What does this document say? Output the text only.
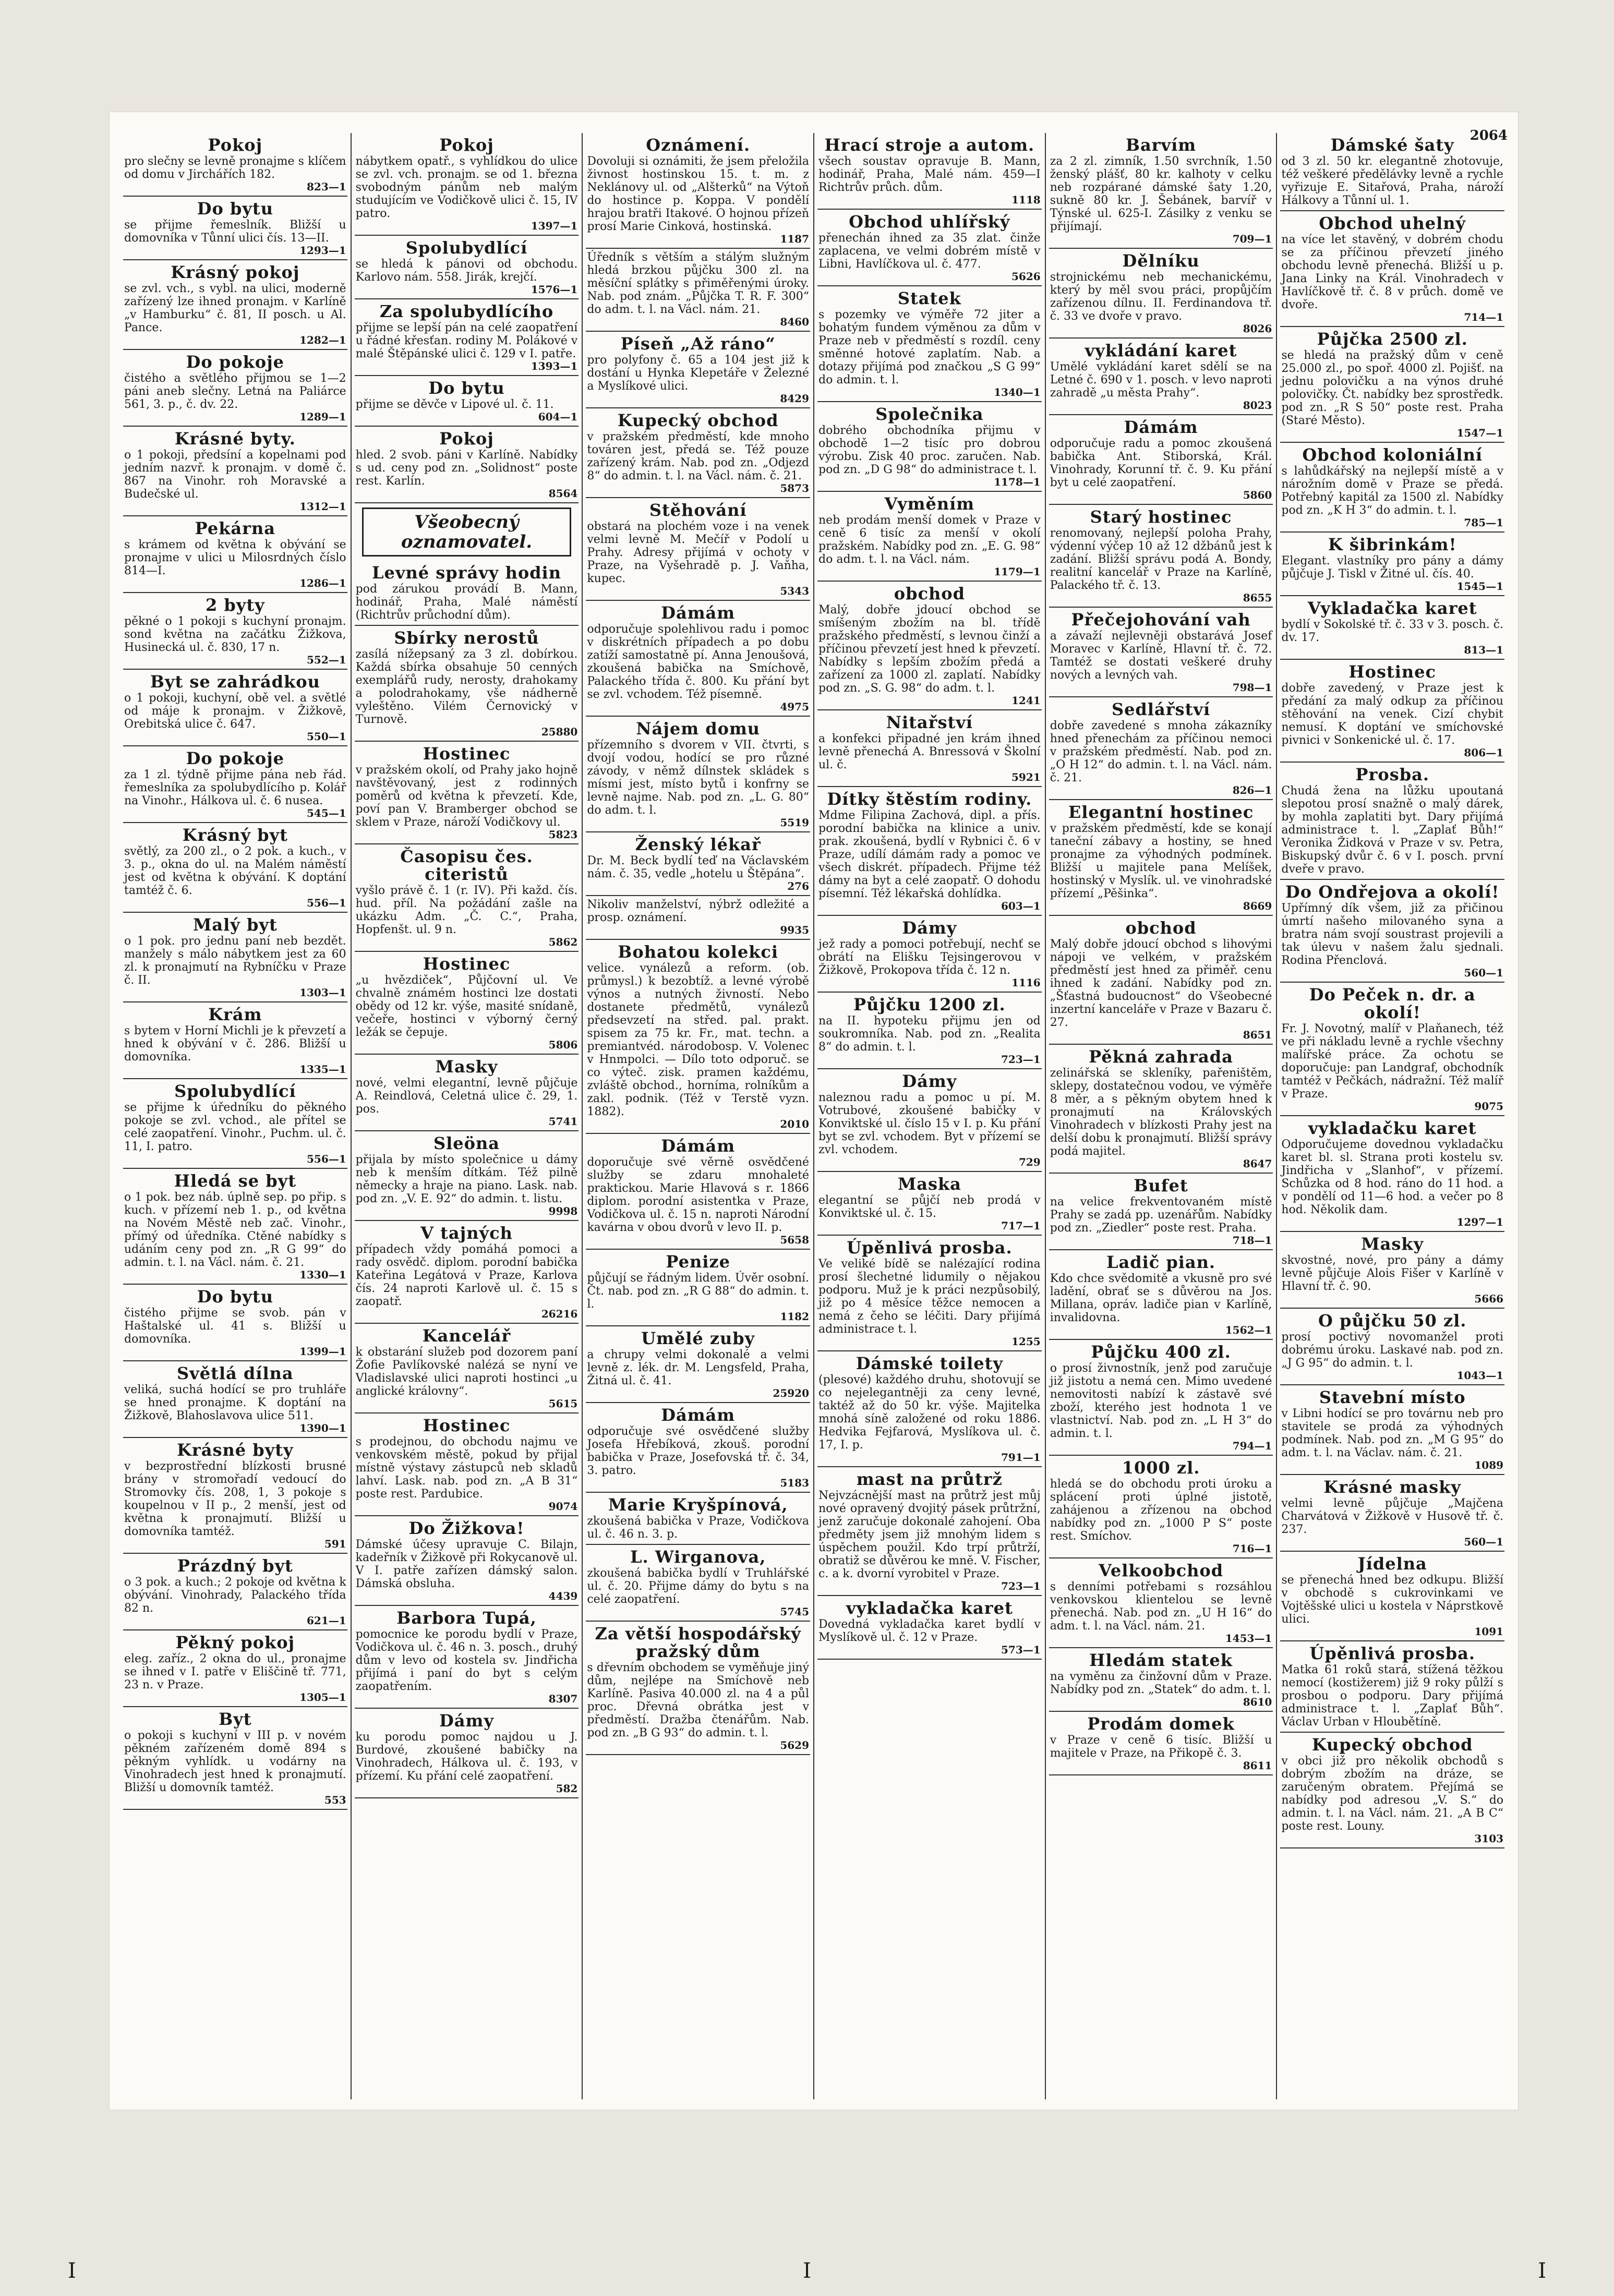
2064
Pokoj

pro slečny se levně pronajme s klíčem od domu v Jirchářích 182.

823—1
Do bytu

se přijme řemeslník. Bližší u domovníka v Tůnní ulici čís. 13—II.

1293—1
Krásný pokoj

se zvl. vch., s vybl. na ulici, moderně zařízený lze ihned pronajm. v Karlíně „v Hamburku“ č. 81, II posch. u Al. Pance.

1282—1
Do pokoje

čistého a světlého přijmou se 1—2 páni aneb slečny. Letná na Paliárce 561, 3. p., č. dv. 22.

1289—1
Krásné byty.

o 1 pokoji, předsíní a kopelnami pod jedním nazvř. k pronajm. v domě č. 867 na Vinohr. roh Moravské a Budečské ul.

1312—1
Pekárna

s krámem od května k obývání se pronajme v ulici u Milosrdných číslo 814—I.

1286—1
2 byty

pěkné o 1 pokoji s kuchyní pronajm. sond května na začátku Žižkova, Husinecká ul. č. 830, 17 n.

552—1
Byt se zahrádkou

o 1 pokoji, kuchyní, obě vel. a světlé od máje k pronajm. v Žižkově, Orebitská ulice č. 647.

550—1
Do pokoje

za 1 zl. týdně přijme pána neb řád. řemeslníka za spolubydlícího p. Kolář na Vinohr., Hálkova ul. č. 6 nusea.

545—1
Krásný byt

světlý, za 200 zl., o 2 pok. a kuch., v 3. p., okna do ul. na Malém náměstí jest od května k obývání. K doptání tamtéž č. 6.

556—1
Malý byt

o 1 pok. pro jednu paní neb bezdět. manžely s málo nábytkem jest za 60 zl. k pronajmutí na Rybníčku v Praze č. II.

1303—1
Krám

s bytem v Horní Michli je k převzetí a hned k obývání v č. 286. Bližší u domovníka.

1335—1
Spolubydlící

se přijme k úředníku do pěkného pokoje se zvl. vchod., ale přítel se celé zaopatření. Vinohr., Puchm. ul. č. 11, I. patro.

556—1
Hledá se byt

o 1 pok. bez náb. úplně sep. po přip. s kuch. v přízemí neb 1. p., od května na Novém Městě neb zač. Vinohr., přímý od úředníka. Ctěné nabídky s udáním ceny pod zn. „R G 99“ do admin. t. l. na Václ. nám. č. 21.

1330—1
Do bytu

čistého přijme se svob. pán v Haštalské ul. 41 s. Bližší u domovníka.

1399—1
Světlá dílna

veliká, suchá hodící se pro truhláře se hned pronajme. K doptání na Žižkově, Blahoslavova ulice 511.

1390—1
Krásné byty

v bezprostřední blízkosti brusné brány v stromořadí vedoucí do Stromovky čís. 208, 1, 3 pokoje s koupelnou v II p., 2 menší, jest od května k pronajmutí. Bližší u domovníka tamtéž.

591
Prázdný byt

o 3 pok. a kuch.; 2 pokoje od května k obývání. Vinohrady, Palackého třída 82 n.

621—1
Pěkný pokoj

eleg. zaříz., 2 okna do ul., pronajme se ihned v I. patře v Eliščině tř. 771, 23 n. v Praze.

1305—1
Byt

o pokoji s kuchyní v III p. v novém pěkném zařízeném domě 894 s pěkným vyhlídk. u vodárny na Vinohradech jest hned k pronajmutí. Bližší u domovník tamtéž.

553
Pokoj

nábytkem opatř., s vyhlídkou do ulice se zvl. vch. pronajm. se od 1. března svobodným pánům neb malým studujícím ve Vodičkově ulici č. 15, IV patro.

1397—1
Spolubydlící

se hledá k pánovi od obchodu. Karlovo nám. 558. Jirák, krejčí.

1576—1
Za spolubydlícího

přijme se lepší pán na celé zaopatření u řádné křesťan. rodiny M. Polákové v malé Štěpánské ulici č. 129 v I. patře.

1393—1
Do bytu

přijme se děvče v Lipové ul. č. 11.

604—1
Pokoj

hled. 2 svob. páni v Karlíně. Nabídky s ud. ceny pod zn. „Solidnost“ poste rest. Karlín.

8564
Všeobecný oznamovatel.
Levné správy hodin

pod zárukou provádí B. Mann, hodinář, Praha, Malé náměstí (Richtrův průchodní dům).

Sbírky nerostů

zasílá nížepsaný za 3 zl. dobírkou. Každá sbírka obsahuje 50 cenných exemplářů rudy, nerosty, drahokamy a polodrahokamy, vše nádherně vyleštěno. Vilém Černovický v Turnově.

25880
Hostinec

v pražském okolí, od Prahy jako hojně navštěvovaný, jest z rodinných poměrů od května k převzetí. Kde, poví pan V. Bramberger obchod se sklem v Praze, nároží Vodičkovy ul.

5823
Časopisu čes. citeristů

vyšlo právě č. 1 (r. IV). Při každ. čís. hud. příl. Na požádání zašle na ukázku Adm. „Č. C.“, Praha, Hopfenšt. ul. 9 n.

5862
Hostinec

„u hvězdiček“, Půjčovní ul. Ve chvalně známém hostinci lze dostati obědy od 12 kr. výše, masité snídaně, večeře, hostinci v výborný černý ležák se čepuje.

5806
Masky

nové, velmi elegantní, levně půjčuje A. Reindlová, Celetná ulice č. 29, 1. pos.

5741
Sleöna

přijala by místo společnice u dámy neb k menším dítkám. Též pilně německy a hraje na piano. Lask. nab. pod zn. „V. E. 92“ do admin. t. listu.

9998
V tajných

případech vždy pomáhá pomoci a rady osvědč. diplom. porodní babička Kateřina Legátová v Praze, Karlova čís. 24 naproti Karlově ul. č. 15 s zaopatř.

26216
Kancelář

k obstarání služeb pod dozorem paní Žofie Pavlíkovské nalézá se nyní ve Vladislavské ulici naproti hostinci „u anglické královny“.

5615
Hostinec

s prodejnou, do obchodu najmu ve venkovském městě, pokud by přijal místně výstavy zástupců neb skladů lahví. Lask. nab. pod zn. „A B 31“ poste rest. Pardubice.

9074
Do Žižkova!

Dámské účesy upravuje C. Bilajn, kadeřník v Žižkově při Rokycanově ul. V I. patře zařízen dámský salon. Dámská obsluha.

4439
Barbora Tupá,

pomocnice ke porodu bydlí v Praze, Vodičkova ul. č. 46 n. 3. posch., druhý dům v levo od kostela sv. Jindřicha přijímá i paní do byt s celým zaopatřením.

8307
Dámy

ku porodu pomoc najdou u J. Burdové, zkoušené babičky na Vinohradech, Hálkova ul. č. 193, v přízemí. Ku přání celé zaopatření.

582
Oznámení.

Dovoluji si oznámiti, že jsem přeložila živnost hostinskou 15. t. m. z Neklánovy ul. od „Alšterků“ na Výtoň do hostince p. Koppa. V pondělí hrajou bratři Itakové. O hojnou přízeň prosí Marie Cinková, hostinská.

1187

Úředník s větším a stálým služným hledá brzkou půjčku 300 zl. na měsíční splátky s přiměřenými úroky. Nab. pod znám. „Půjčka T. R. F. 300“ do adm. t. l. na Václ. nám. 21.

8460
Píseň „Až ráno“

pro polyfony č. 65 a 104 jest již k dostání u Hynka Klepetáře v Železné a Myslíkové ulici.

8429
Kupecký obchod

v pražském předměstí, kde mnoho továren jest, předá se. Též pouze zařízený krám. Nab. pod zn. „Odjezd 8“ do admin. t. l. na Václ. nám. č. 21.

5873
Stěhování

obstará na plochém voze i na venek velmi levně M. Mečíř v Podolí u Prahy. Adresy přijímá v ochoty v Praze, na Vyšehradě p. J. Vaňha, kupec.

5343
Dámám

odporučuje spolehlivou radu i pomoc v diskrétních případech a po dobu zatíží samostatně pí. Anna Jenoušová, zkoušená babička na Smíchově, Palackého třída č. 800. Ku přání byt se zvl. vchodem. Též písemně.

4975
Nájem domu

přízemního s dvorem v VII. čtvrti, s dvojí vodou, hodící se pro různé závody, v němž dílnstek skládek s mísmi jest, místo bytů i konfrny se levně najme. Nab. pod zn. „L. G. 80“ do adm. t. l.

5519
Ženský lékař

Dr. M. Beck bydlí teď na Václavském nám. č. 35, vedle „hotelu u Štěpána“.

276

Nikoliv manželství, nýbrž odležité a prosp. oznámení.

9935
Bohatou kolekci

velice. vynálezů a reform. (ob. průmysl.) k bezobtíž. a levné výrobě výnos a nutných živností. Nebo dostanete předmětů, vynálezů předsevzetí na střed. pal. prakt. spisem za 75 kr. Fr., mat. techn. a premiantvéd. národobosp. V. Volenec v Hnmpolci. — Dílo toto odporuč. se co výteč. zisk. pramen každému, zvláště obchod., horníma, rolníkům a zakl. podnik. (Též v Terstě vyzn. 1882).

2010
Dámám

doporučuje své věrně osvědčené služby se zdaru mnohaleté praktickou. Marie Hlavová s r. 1866 diplom. porodní asistentka v Praze, Vodičkova ul. č. 15 n. naproti Národní kavárna v obou dvorů v levo II. p.

5658
Penize

půjčují se řádným lidem. Úvěr osobní. Čt. nab. pod zn. „R G 88“ do admin. t. l.

1182
Umělé zuby

a chrupy velmi dokonalé a velmi levně z. lék. dr. M. Lengsfeld, Praha, Žitná ul. č. 41.

25920
Dámám

odporučuje své osvědčené služby Josefa Hřebíková, zkouš. porodní babička v Praze, Josefovská tř. č. 34, 3. patro.

5183
Marie Kryšpínová,

zkoušená babička v Praze, Vodičkova ul. č. 46 n. 3. p.

L. Wirganova,

zkoušená babička bydlí v Truhlářské ul. č. 20. Přijme dámy do bytu s na celé zaopatření.

5745
Za větší hospodářský pražský dům

s dřevním obchodem se vyměňuje jiný dům, nejlépe na Smíchově neb Karlíně. Pasiva 40.000 zl. na 4 a půl proc. Dřevná obrátka jest v předměstí. Dražba čtenářům. Nab. pod zn. „B G 93“ do admin. t. l.

5629
Hrací stroje a autom.

všech soustav opravuje B. Mann, hodinář, Praha, Malé nám. 459—I Richtrův průch. dům.

1118
Obchod uhlířský

přenechán ihned za 35 zlat. činže zaplacena, ve velmi dobrém místě v Libni, Havlíčkova ul. č. 477.

5626
Statek

s pozemky ve výměře 72 jiter a bohatým fundem výměnou za dům v Praze neb v předměstí s rozdíl. ceny směnné hotové zaplatím. Nab. a dotazy přijímá pod značkou „S G 99“ do admin. t. l.

1340—1
Společnika

dobrého obchodníka přijmu v obchodě 1—2 tisíc pro dobrou výrobu. Zisk 40 proc. zaručen. Nab. pod zn. „D G 98“ do administrace t. l.

1178—1
Vyměním

neb prodám menší domek v Praze v ceně 6 tisíc za menší v okolí pražském. Nabídky pod zn. „E. G. 98“ do adm. t. l. na Václ. nám.

1179—1
obchod

Malý, dobře jdoucí obchod se smíšeným zbožím na bl. třídě pražského předměstí, s levnou činží a příčinou převzetí jest hned k převzetí. Nabídky s lepším zbožím předá a zařízení za 1000 zl. zaplatí. Nabídky pod zn. „S. G. 98“ do adm. t. l.

1241
Nitařství

a konfekci připadné jen krám ihned levně přenechá A. Bnressová v Školní ul. č.

5921
Dítky štěstím rodiny.

Mdme Filipina Zachová, dipl. a přís. porodní babička na klinice a univ. prak. zkoušená, bydlí v Rybnici č. 6 v Praze, udílí dámám rady a pomoc ve všech diskrét. případech. Přijme též dámy na byt a celé zaopatř. O dohodu písemní. Též lékařská dohlídka.

603—1
Dámy

jež rady a pomoci potřebují, nechť se obrátí na Elišku Tejsingerovou v Žižkově, Prokopova třída č. 12 n.

1116
Půjčku 1200 zl.

na II. hypoteku přijmu jen od soukromníka. Nab. pod zn. „Realita 8“ do admin. t. l.

723—1
Dámy

naleznou radu a pomoc u pí. M. Votrubové, zkoušené babičky v Konviktské ul. číslo 15 v I. p. Ku přání byt se zvl. vchodem. Byt v přízemí se zvl. vchodem.

729
Maska

elegantní se půjčí neb prodá v Konviktské ul. č. 15.

717—1
Úpěnlivá prosba.

Ve veliké bídě se nalézající rodina prosí šlechetné lidumily o nějakou podporu. Muž je k práci nezpůsobilý, již po 4 měsíce těžce nemocen a nemá z čeho se léčiti. Dary přijímá administrace t. l.

1255
Dámské toilety

(plesové) každého druhu, shotovují se co nejelegantněji za ceny levné, taktéž až do 50 kr. výše. Majitelka mnohá síně založené od roku 1886. Hedvika Fejfarová, Myslíkova ul. č. 17, I. p.

791—1
mast na průtrž

Nejvzácnější mast na průtrž jest můj nové opravený dvojitý pásek průtržní, jenž zaručuje dokonalé zahojení. Oba předměty jsem již mnohým lidem s úspěchem použil. Kdo trpí průtrží, obratiž se důvěrou ke mně. V. Fischer, c. a k. dvorní vyrobitel v Praze.

723—1
vykladačka karet

Dovedná vykladačka karet bydlí v Myslíkově ul. č. 12 v Praze.

573—1
Barvím

za 2 zl. zimník, 1.50 svrchník, 1.50 ženský plášť, 80 kr. kalhoty v celku neb rozpárané dámské šaty 1.20, sukně 80 kr. J. Šebánek, barvíř v Týnské ul. 625-I. Zásilky z venku se přijímají.

709—1
Dělníku

strojnickému neb mechanickému, který by měl svou práci, propůjčím zařízenou dílnu. II. Ferdinandova tř. č. 33 ve dvoře v pravo.

8026
vykládání karet

Umělé vykládání karet sdělí se na Letné č. 690 v 1. posch. v levo naproti zahradě „u města Prahy“.

8023
Dámám

odporučuje radu a pomoc zkoušená babička Ant. Stiborská, Král. Vinohrady, Korunní tř. č. 9. Ku přání byt u celé zaopatření.

5860
Starý hostinec

renomovaný, nejlepší poloha Prahy, výdenní výčep 10 až 12 džbánů jest k zadání. Bližší správu podá A. Bondy, realitní kancelář v Praze na Karlíně, Palackého tř. č. 13.

8655
Přečejohování vah

a závaží nejlevněji obstarává Josef Moravec v Karlíně, Hlavní tř. č. 72. Tamtéž se dostati veškeré druhy nových a levných vah.

798—1
Sedlářství

dobře zavedené s mnoha zákazníky hned přenechám za příčinou nemoci v pražském předměstí. Nab. pod zn. „O H 12“ do admin. t. l. na Václ. nám. č. 21.

826—1
Elegantní hostinec

v pražském předměstí, kde se konají taneční zábavy a hostiny, se hned pronajme za výhodných podmínek. Bližší u majitele pana Melíšek, hostinský v Myslík. ul. ve vinohradské přízemí „Pěšinka“.

8669
obchod

Malý dobře jdoucí obchod s lihovými nápoji ve velkém, v pražském předměstí jest hned za přiměř. cenu ihned k zadání. Nabídky pod zn. „Šťastná budoucnost“ do Všeobecné inzertní kanceláře v Praze v Bazaru č. 27.

8651
Pěkná zahrada

zelinářská se skleníky, pařeništěm, sklepy, dostatečnou vodou, ve výměře 8 měr, a s pěkným obytem hned k pronajmutí na Královských Vinohradech v blízkosti Prahy jest na delší dobu k pronajmutí. Bližší správy podá majitel.

8647
Bufet

na velice frekventovaném místě Prahy se zadá pp. uzenářům. Nabídky pod zn. „Ziedler“ poste rest. Praha.

718—1
Ladič pian.

Kdo chce svědomitě a vkusně pro své ladění, obrať se s důvěrou na Jos. Millana, opráv. ladiče pian v Karlíně, invalidovna.

1562—1
Půjčku 400 zl.

o prosí živnostník, jenž pod zaručuje již jistotu a nemá cen. Mimo uvedené nemovitosti nabízí k zástavě své zboží, kterého jest hodnota 1 ve vlastnictví. Nab. pod zn. „L H 3“ do admin. t. l.

794—1
1000 zl.

hledá se do obchodu proti úroku a splácení proti úplné jistotě, zahájenou a zřízenou na obchod nabídky pod zn. „1000 P S“ poste rest. Smíchov.

716—1
Velkoobchod

s denními potřebami s rozsáhlou venkovskou klientelou se levně přenechá. Nab. pod zn. „U H 16“ do adm. t. l. na Václ. nám. 21.

1453—1
Hledám statek

na vyměnu za činžovní dům v Praze. Nabídky pod zn. „Statek“ do adm. t. l.

8610
Prodám domek

v Praze v ceně 6 tisíc. Bližší u majitele v Praze, na Přikopě č. 3.

8611
Dámské šaty

od 3 zl. 50 kr. elegantně zhotovuje, též veškeré předělávky levně a rychle vyřizuje E. Sitařová, Praha, nároží Hálkovy a Tůnní ul. 1.

Obchod uhelný

na více let stavěný, v dobrém chodu se za příčinou převzetí jiného obchodu levně přenechá. Bližší u p. Jana Linky na Král. Vinohradech v Havlíčkově tř. č. 8 v průch. domě ve dvoře.

714—1
Půjčka 2500 zl.

se hledá na pražský dům v ceně 25.000 zl., po spoř. 4000 zl. Pojišť. na jednu polovičku a na výnos druhé polovičky. Čt. nabídky bez sprostředk. pod zn. „R S 50“ poste rest. Praha (Staré Město).

1547—1
Obchod koloniální

s lahůdkářský na nejlepší místě a v nárožním domě v Praze se předá. Potřebný kapitál za 1500 zl. Nabídky pod zn. „K H 3“ do admin. t. l.

785—1
K šibrinkám!

Elegant. vlastníky pro pány a dámy půjčuje J. Tiskl v Žitné ul. čís. 40.

1545—1
Vykladačka karet

bydlí v Sokolské tř. č. 33 v 3. posch. č. dv. 17.

813—1
Hostinec

dobře zavedený, v Praze jest k předání za malý odkup za příčinou stěhování na venek. Cizí chybit nemusí. K doptání ve smíchovské pivnici v Sonkenické ul. č. 17.

806—1
Prosba.

Chudá žena na lůžku upoutaná slepotou prosí snažně o malý dárek, by mohla zaplatiti byt. Dary přijímá administrace t. l. „Zaplať Bůh!“ Veronika Židková v Praze v sv. Petra, Biskupský dvůr č. 6 v I. posch. první dveře v pravo.

Do Ondřejova a okolí!

Upřímný dík všem, již za přičinou úmrtí našeho milovaného syna a bratra nám svojí soustrast projevili a tak úlevu v našem žalu sjednali. Rodina Přenclová.

560—1
Do Peček n. dr. a okolí!

Fr. J. Novotný, malíř v Plaňanech, též ve při nákladu levně a rychle všechny malířské práce. Za ochotu se doporučuje: pan Landgraf, obchodník tamtéž v Pečkách, nádražní. Též malíř v Praze.

9075
vykladačku karet

Odporučujeme dovednou vykladačku karet bl. sl. Strana proti kostelu sv. Jindřicha v „Slanhof“, v přízemí. Schůzka od 8 hod. ráno do 11 hod. a v pondělí od 11—6 hod. a večer po 8 hod. Několik dam.

1297—1
Masky

skvostné, nové, pro pány a dámy levně půjčuje Alois Fišer v Karlíně v Hlavní tř. č. 90.

5666
O půjčku 50 zl.

prosí poctivý novomanžel proti dobrému úroku. Laskavé nab. pod zn. „J G 95“ do admin. t. l.

1043—1
Stavební místo

v Libni hodící se pro továrnu neb pro stavitele se prodá za výhodných podmínek. Nab. pod zn. „M G 95“ do adm. t. l. na Václav. nám. č. 21.

1089
Krásné masky

velmi levně půjčuje „Majčena Charvátová v Žižkově v Husově tř. č. 237.

560—1
Jídelna

se přenechá hned bez odkupu. Bližší v obchodě s cukrovinkami ve Vojtěšské ulici u kostela v Náprstkově ulici.

1091
Úpěnlivá prosba.

Matka 61 roků stará, stížená těžkou nemocí (kostižerem) již 9 roky půlží s prosbou o podporu. Dary přijímá administrace t. l. „Zaplať Bůh“. Václav Urban v Hloubětíně.

Kupecký obchod

v obci již pro několik obchodů s dobrým zbožím na dráze, se zaručeným obratem. Přejímá se nabídky pod adresou „V. S.“ do admin. t. l. na Václ. nám. 21. „A B C“ poste rest. Louny.

3103
I	I	I
